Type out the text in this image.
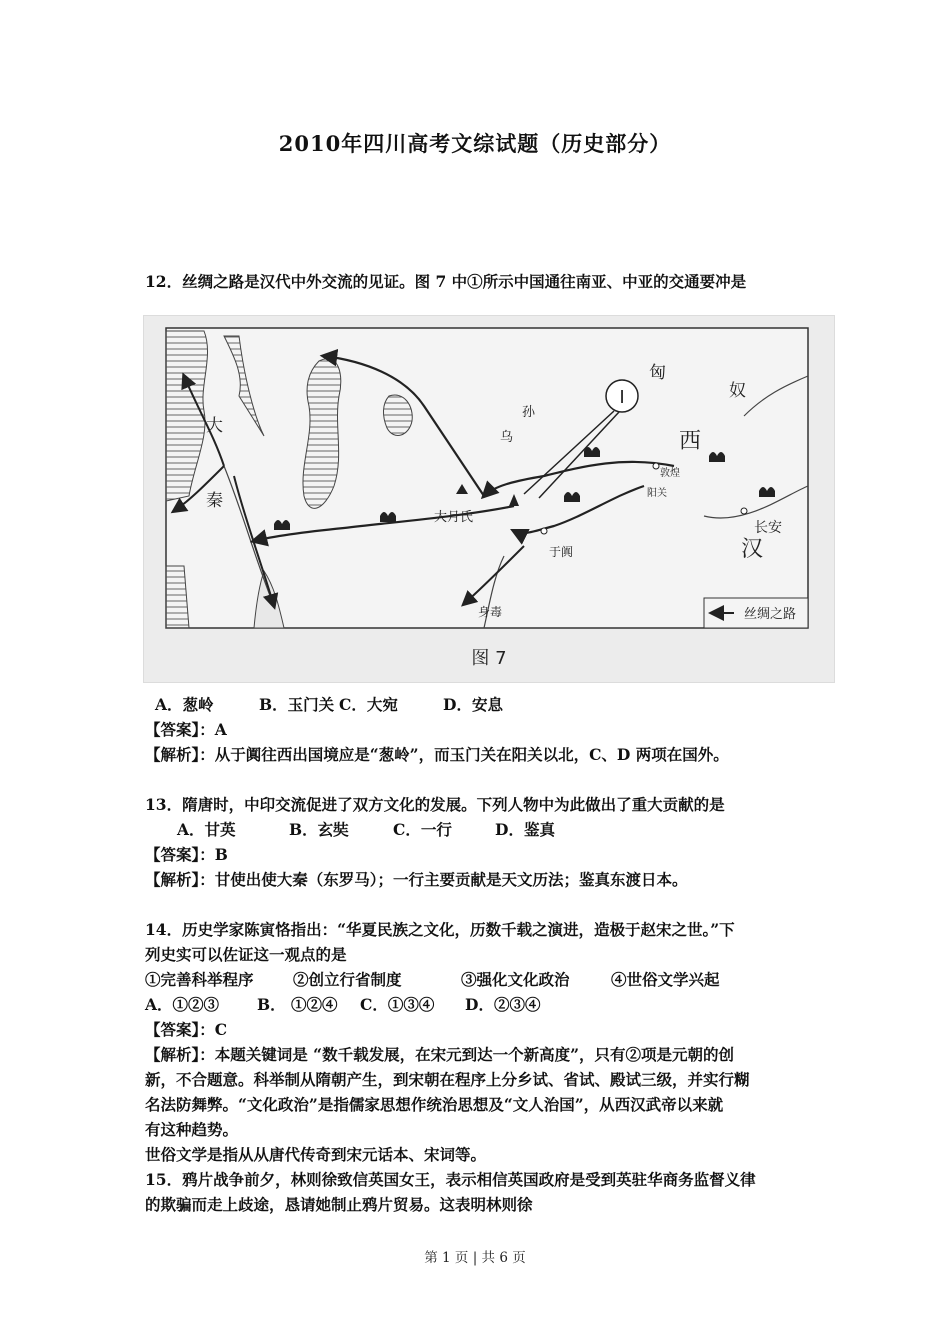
2010年四川高考文综试题（历史部分）
12．丝绸之路是汉代中外交流的见证。图 7 中①所示中国通往南亚、中亚的交通要冲是
Ⅰ
匈
奴
乌
孙
西
汉
敦煌
阳关
长安
大
秦
大月氏
于阗
身毒	丝绸之路
图 7
A．葱岭	B．玉门关 C．大宛	D．安息
【答案】：A
【解析】：从于阗往西出国境应是“葱岭”，而玉门关在阳关以北，C、D 两项在国外。
13．隋唐时，中印交流促进了双方文化的发展。下列人物中为此做出了重大贡献的是
A．甘英	B．玄奘	C．一行	D．鉴真
【答案】：B
【解析】：甘使出使大秦（东罗马）；一行主要贡献是天文历法；鉴真东渡日本。
14．历史学家陈寅恪指出：“华夏民族之文化，历数千载之演进，造极于赵宋之世。”下
列史实可以佐证这一观点的是
①完善科举程序	②创立行省制度	③强化文化政治	④世俗文学兴起
A．①②③ B． ①②④ C．①③④ D．②③④
【答案】：C
【解析】：本题关键词是 “数千载发展，在宋元到达一个新高度”，只有②项是元朝的创
新，不合题意。科举制从隋朝产生，到宋朝在程序上分乡试、省试、殿试三级，并实行糊
名法防舞弊。“文化政治”是指儒家思想作统治思想及“文人治国”，从西汉武帝以来就
有这种趋势。
世俗文学是指从从唐代传奇到宋元话本、宋词等。
15．鸦片战争前夕，林则徐致信英国女王，表示相信英国政府是受到英驻华商务监督义律
的欺骗而走上歧途，恳请她制止鸦片贸易。这表明林则徐
第 1 页 | 共 6 页
